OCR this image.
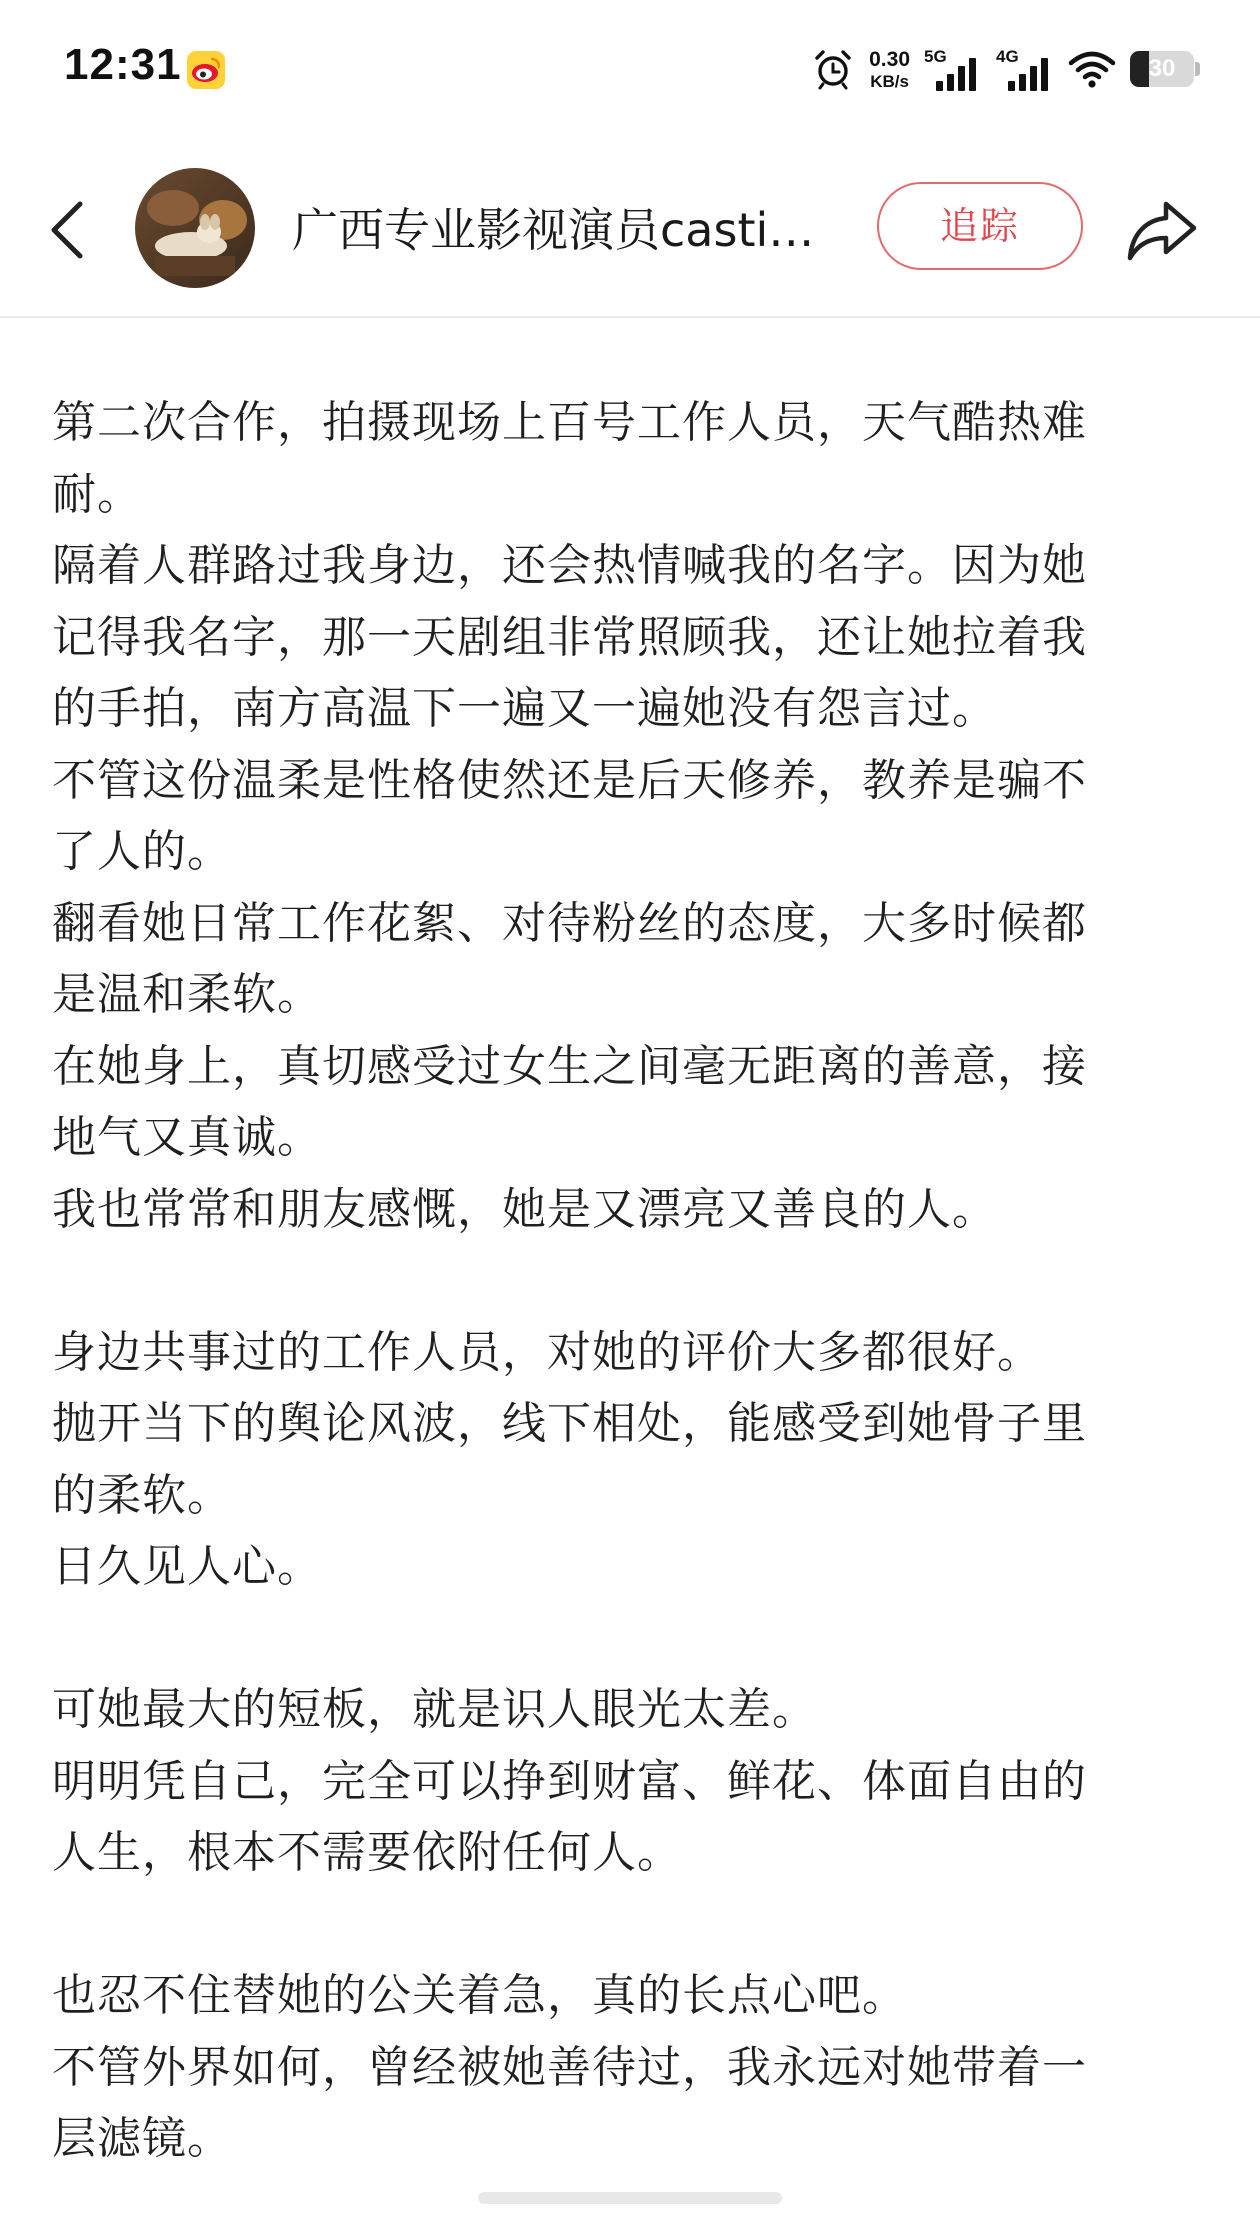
12:31	0.30
KB/s
5G	4G	30
广西专业影视演员casti…	追踪

第二次合作，拍摄现场上百号工作人员，天气酷热难

耐。

隔着人群路过我身边，还会热情喊我的名字。因为她

记得我名字，那一天剧组非常照顾我，还让她拉着我

的手拍，南方高温下一遍又一遍她没有怨言过。

不管这份温柔是性格使然还是后天修养，教养是骗不

了人的。

翻看她日常工作花絮、对待粉丝的态度，大多时候都

是温和柔软。

在她身上，真切感受过女生之间毫无距离的善意，接

地气又真诚。

我也常常和朋友感慨，她是又漂亮又善良的人。

身边共事过的工作人员，对她的评价大多都很好。

抛开当下的舆论风波，线下相处，能感受到她骨子里

的柔软。

日久见人心。

可她最大的短板，就是识人眼光太差。

明明凭自己，完全可以挣到财富、鲜花、体面自由的

人生，根本不需要依附任何人。

也忍不住替她的公关着急，真的长点心吧。

不管外界如何，曾经被她善待过，我永远对她带着一

层滤镜。
